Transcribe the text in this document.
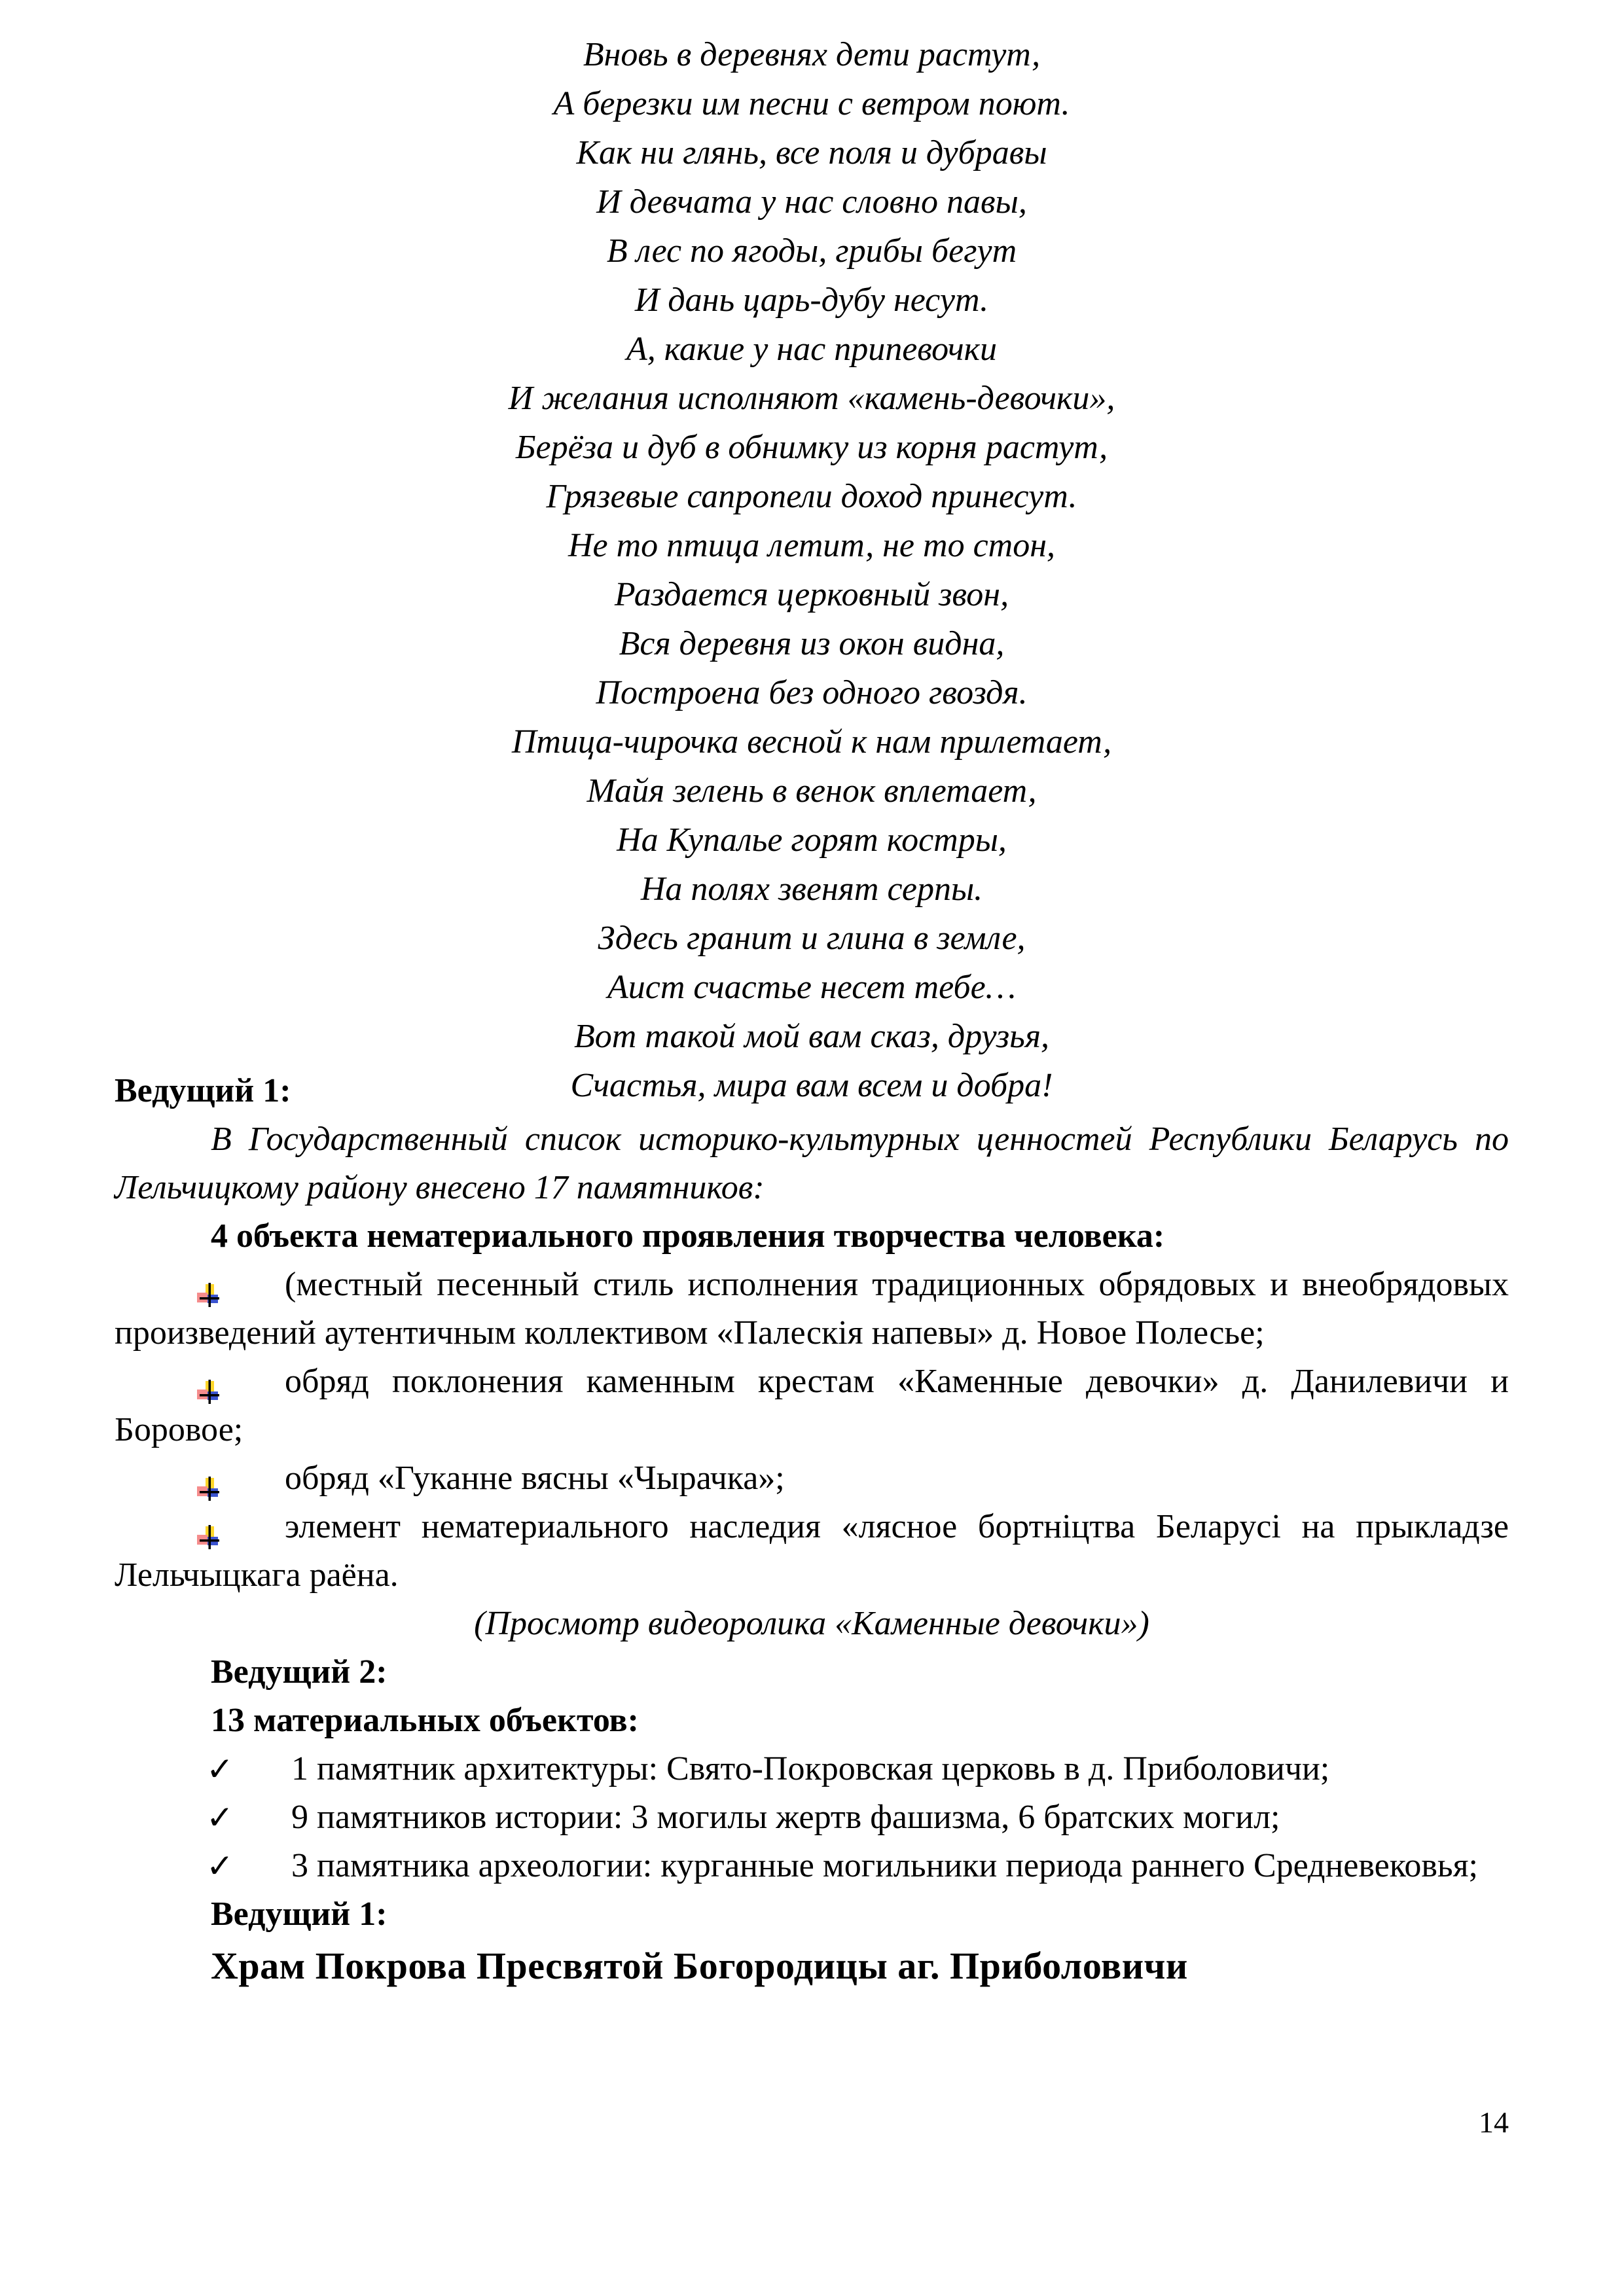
Вновь в деревнях дети растут,
А березки им песни с ветром поют.
Как ни глянь, все поля и дубравы
И девчата у нас словно павы,
В лес по ягоды, грибы бегут
И дань царь-дубу несут.
А, какие у нас припевочки
И желания исполняют «камень-девочки»,
Берёза и дуб в обнимку из корня растут,
Грязевые сапропели доход принесут.
Не то птица летит, не то стон,
Раздается церковный звон,
Вся деревня из окон видна,
Построена без одного гвоздя.
Птица-чирочка весной к нам прилетает,
Майя зелень в венок вплетает,
На Купалье горят костры,
На полях звенят серпы.
Здесь гранит и глина в земле,
Аист счастье несет тебе…
Вот такой мой вам сказ, друзья,
Счастья, мира вам всем и добра!

Ведущий 1:

В Государственный список историко-культурных ценностей Республики Беларусь по Лельчицкому району внесено 17 памятников:

4 объекта нематериального проявления творчества человека:

(местный песенный стиль исполнения традиционных обрядовых и внеобрядовых произведений аутентичным коллективом «Палескія напевы» д. Новое Полесье;
обряд поклонения каменным крестам «Каменные девочки» д. Данилевичи и Боровое;
обряд «Гуканне вясны «Чырачка»;
элемент нематериального наследия «лясное бортніцтва Беларусі на прыкладзе Лельчыцкага раёна.

(Просмотр видеоролика «Каменные девочки»)

Ведущий 2:

13 материальных объектов:

✓	1 памятник архитектуры: Свято-Покровская церковь в д. Приболовичи;
✓	9 памятников истории: 3 могилы жертв фашизма, 6 братских могил;
✓	3 памятника археологии: курганные могильники периода раннего Средневековья;

Ведущий 1:

Храм Покрова Пресвятой Богородицы аг. Приболовичи

14
